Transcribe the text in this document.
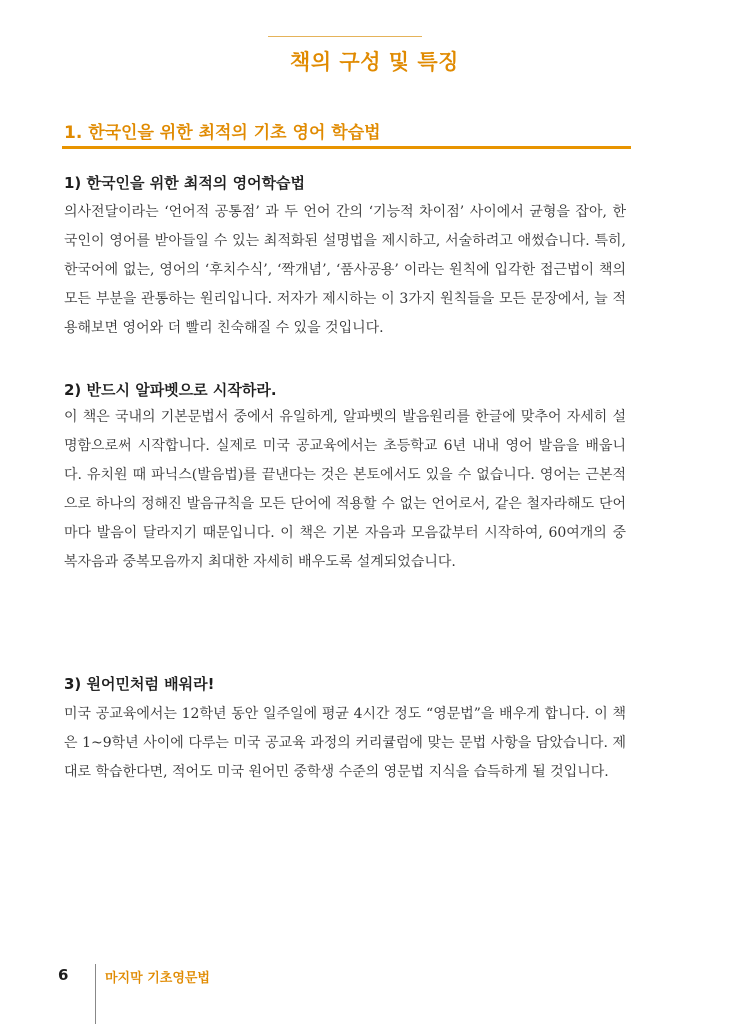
책의 구성 및 특징
1. 한국인을 위한 최적의 기초 영어 학습법
1) 한국인을 위한 최적의 영어학습법

의사전달이라는 ‘언어적 공통점’ 과 두 언어 간의 ‘기능적 차이점’ 사이에서 균형을 잡아, 한국인이 영어를 받아들일 수 있는 최적화된 설명법을 제시하고, 서술하려고 애썼습니다. 특히, 한국어에 없는, 영어의 ‘후치수식’, ‘짝개념’, ‘품사공용’ 이라는 원칙에 입각한 접근법이 책의 모든 부분을 관통하는 원리입니다. 저자가 제시하는 이 3가지 원칙들을 모든 문장에서, 늘 적용해보면 영어와 더 빨리 친숙해질 수 있을 것입니다.

2) 반드시 알파벳으로 시작하라.

이 책은 국내의 기본문법서 중에서 유일하게, 알파벳의 발음원리를 한글에 맞추어 자세히 설명함으로써 시작합니다. 실제로 미국 공교육에서는 초등학교 6년 내내 영어 발음을 배웁니다. 유치원 때 파닉스(발음법)를 끝낸다는 것은 본토에서도 있을 수 없습니다. 영어는 근본적으로 하나의 정해진 발음규칙을 모든 단어에 적용할 수 없는 언어로서, 같은 철자라해도 단어마다 발음이 달라지기 때문입니다. 이 책은 기본 자음과 모음값부터 시작하여, 60여개의 중복자음과 중복모음까지 최대한 자세히 배우도록 설계되었습니다.

3) 원어민처럼 배워라!

미국 공교육에서는 12학년 동안 일주일에 평균 4시간 정도 “영문법”을 배우게 합니다. 이 책은 1~9학년 사이에 다루는 미국 공교육 과정의 커리큘럼에 맞는 문법 사항을 담았습니다. 제대로 학습한다면, 적어도 미국 원어민 중학생 수준의 영문법 지식을 습득하게 될 것입니다.

6	마지막 기초영문법
